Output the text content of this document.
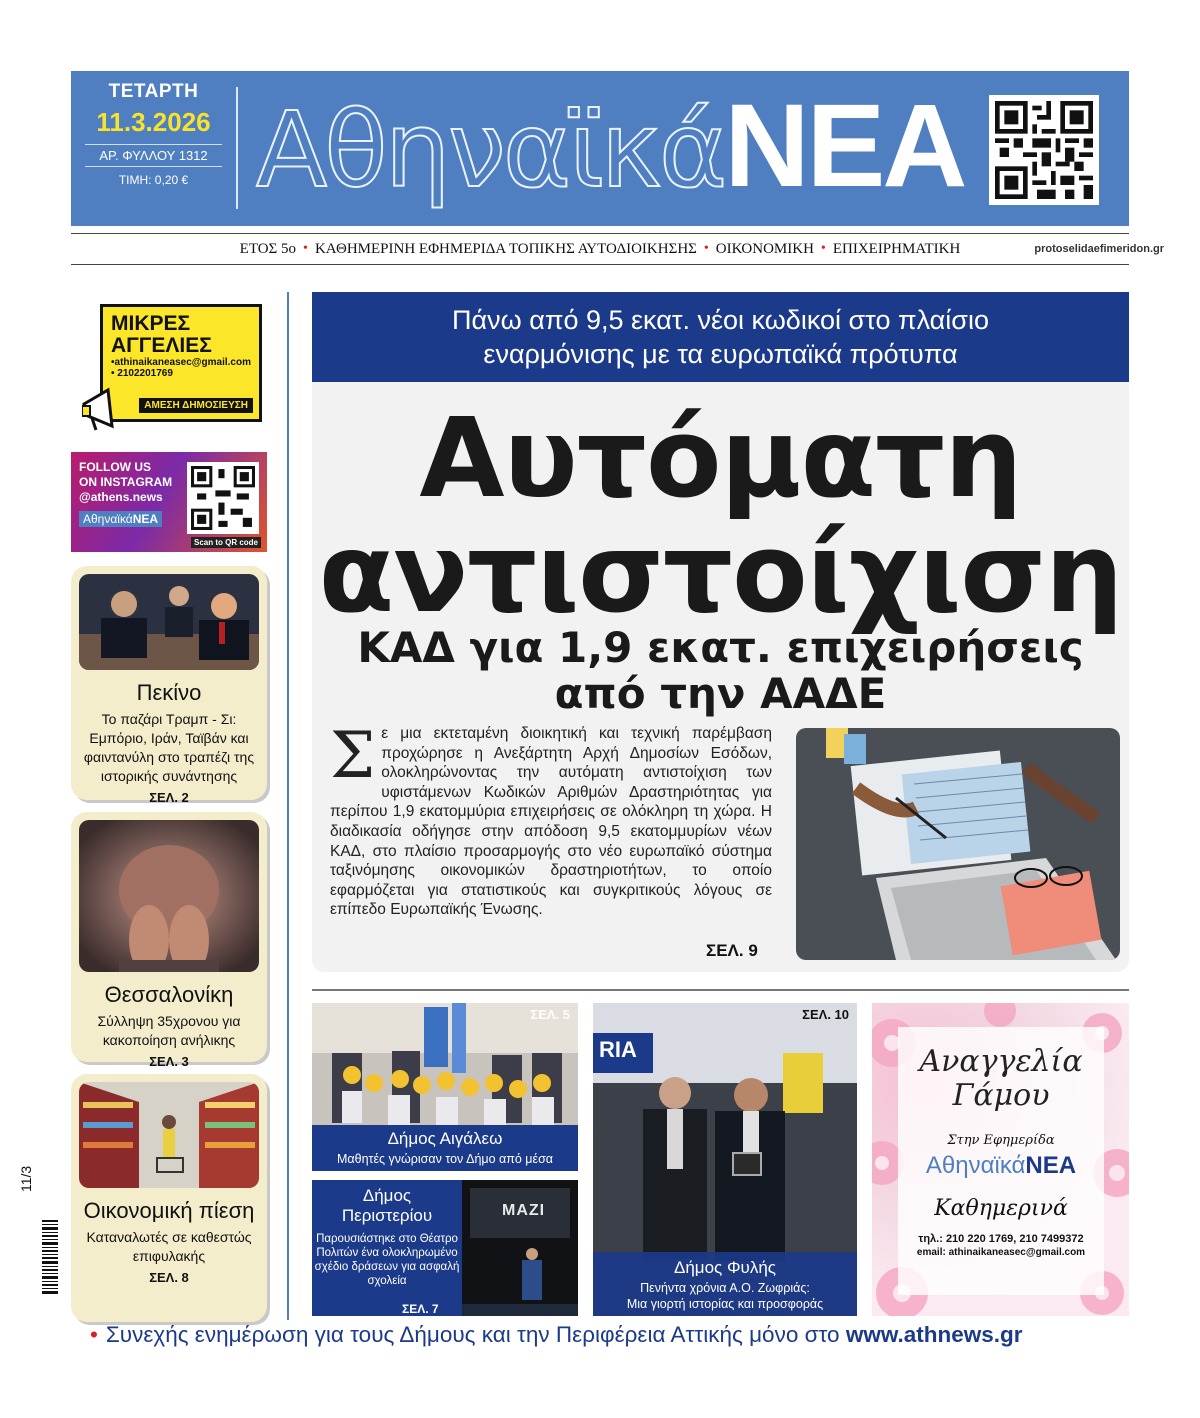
ΤΕΤΑΡΤΗ
11.3.2026
ΑΡ. ΦΥΛΛΟΥ 1312
ΤΙΜΗ: 0,20 € ΑθηναϊκάΝΕΑ
ΕΤΟΣ 5ο • ΚΑΘΗΜΕΡΙΝΗ ΕΦΗΜΕΡΙΔΑ ΤΟΠΙΚΗΣ ΑΥΤΟΔΙΟΙΚΗΣΗΣ • ΟΙΚΟΝΟΜΙΚΗ • ΕΠΙΧΕΙΡΗΜΑΤΙΚΗ	protoselidaefimeridon.gr
ΜΙΚΡΕΣ
ΑΓΓΕΛΙΕΣ
•athinaikaneasec@gmail.com
• 2102201769
ΑΜΕΣΗ ΔΗΜΟΣΙΕΥΣΗ
FOLLOW US
ON INSTAGRAM
@athens.news
ΑθηναϊκάΝΕΑ
Scan to QR code
Πεκίνο

Το παζάρι Τραμπ - Σι: Εμπόριο, Ιράν, Ταϊβάν και φαιντανύλη στο τραπέζι της ιστορικής συνάντησης

ΣΕΛ. 2
Θεσσαλονίκη

Σύλληψη 35χρονου για κακοποίηση ανήλικης

ΣΕΛ. 3
Οικονομική πίεση

Καταναλωτές σε καθεστώς επιφυλακής

ΣΕΛ. 8
Πάνω από 9,5 εκατ. νέοι κωδικοί στο πλαίσιο
εναρμόνισης με τα ευρωπαϊκά πρότυπα
Αυτόματη
αντιστοίχιση
ΚΑΔ για 1,9 εκατ. επιχειρήσεις
από την ΑΑΔΕ
Σε μια εκτεταμένη διοικητική και τεχνική παρέμβαση προχώρησε η Ανεξάρτητη Αρχή Δημοσίων Εσόδων, ολοκληρώνοντας την αυτόματη αντιστοίχιση των υφιστάμενων Κωδικών Αριθμών Δραστηριότητας για περίπου 1,9 εκατομμύρια επιχειρήσεις σε ολόκληρη τη χώρα. Η διαδικασία οδήγησε στην απόδοση 9,5 εκατομμυρίων νέων ΚΑΔ, στο πλαίσιο προσαρμογής στο νέο ευρωπαϊκό σύστημα ταξινόμησης οικονομικών δραστηριοτήτων, το οποίο εφαρμόζεται για στατιστικούς και συγκριτικούς λόγους σε επίπεδο Ευρωπαϊκής Ένωσης.
ΣΕΛ. 9
ΣΕΛ. 5
Δήμος Αιγάλεω

Μαθητές γνώρισαν τον Δήμο από μέσα

Δήμος
Περιστερίου

Παρουσιάστηκε στο Θέατρο Πολιτών ένα ολοκληρωμένο σχέδιο δράσεων για ασφαλή σχολεία

ΣΕΛ. 7
ΜΑΖΙ
RIA
ΣΕΛ. 10
Δήμος Φυλής

Πενήντα χρόνια Α.Ο. Ζωφριάς:

Μια γιορτή ιστορίας και προσφοράς

Αναγγελία
Γάμου
Στην Εφημερίδα
ΑθηναϊκάΝΕΑ
Καθημερινά
τηλ.: 210 220 1769, 210 7499372
email: athinaikaneasec@gmail.com
• Συνεχής ενημέρωση για τους Δήμους και την Περιφέρεια Αττικής μόνο στο www.athnews.gr
11/3
